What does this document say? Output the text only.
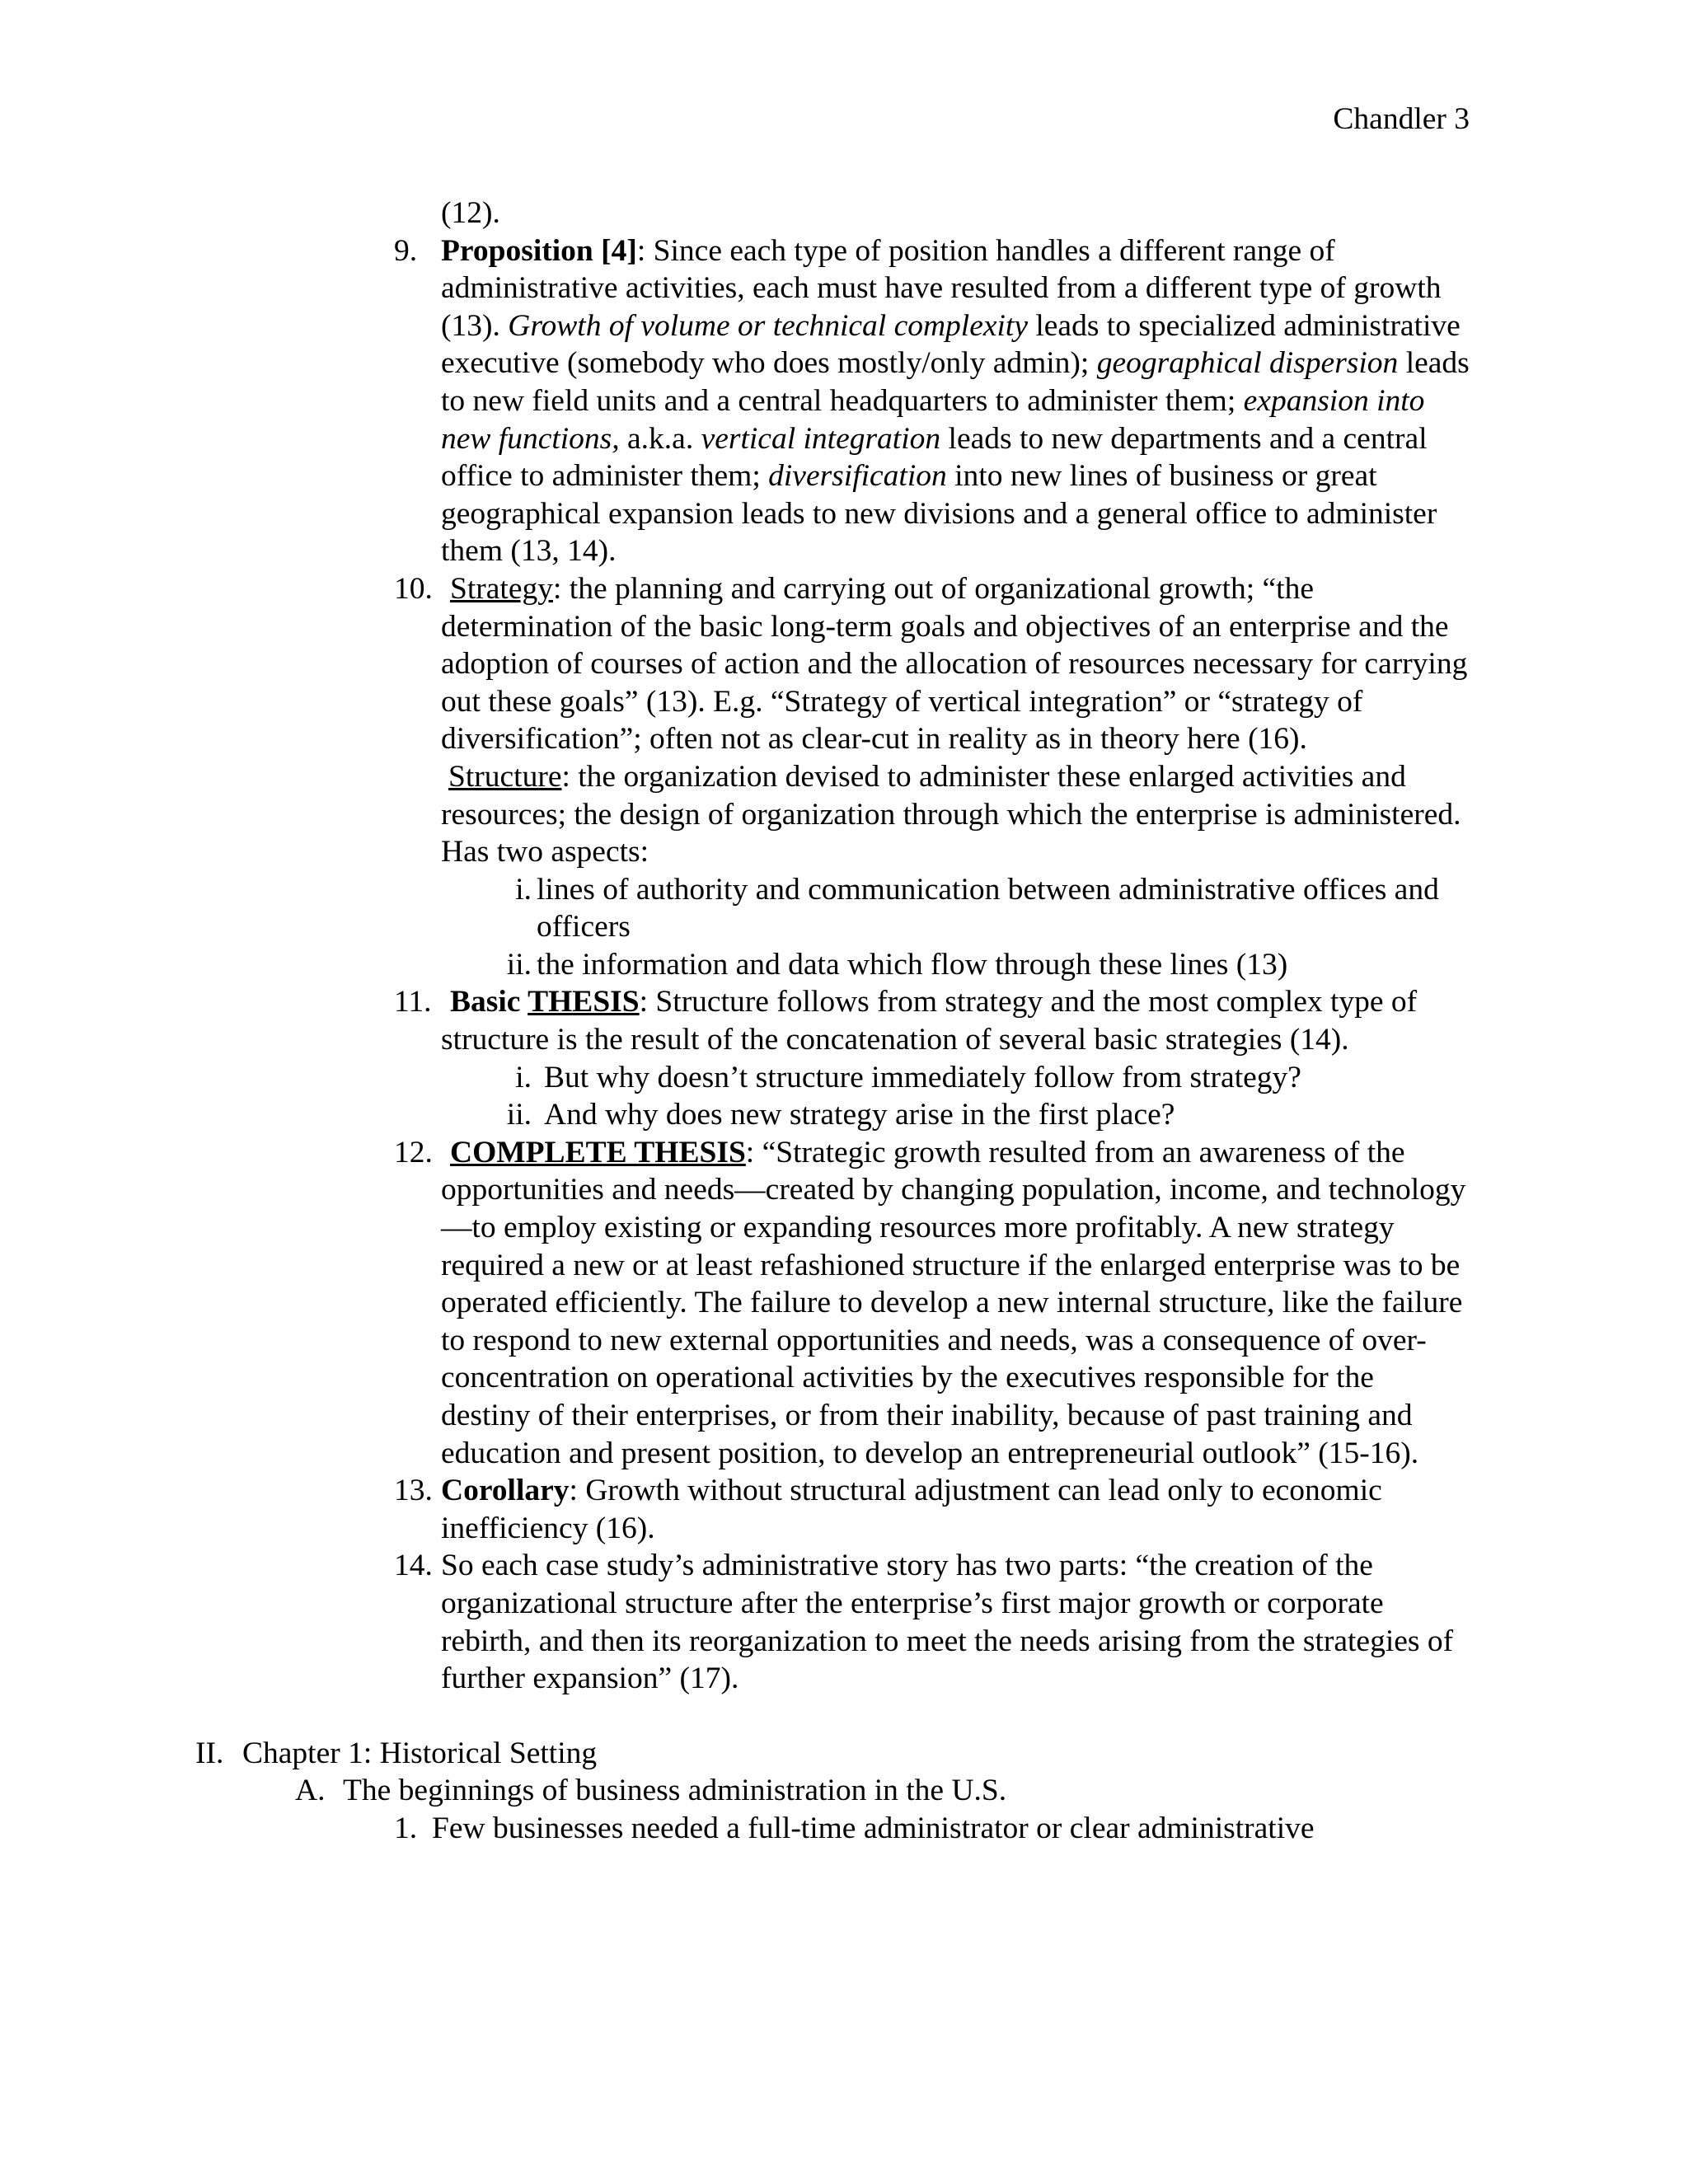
Chandler 3
(12).
9. Proposition [4]: Since each type of position handles a different range of administrative activities, each must have resulted from a different type of growth (13). Growth of volume or technical complexity leads to specialized administrative executive (somebody who does mostly/only admin); geographical dispersion leads to new field units and a central headquarters to administer them; expansion into new functions, a.k.a. vertical integration leads to new departments and a central office to administer them; diversification into new lines of business or great geographical expansion leads to new divisions and a general office to administer them (13, 14).
10. Strategy: the planning and carrying out of organizational growth; “the determination of the basic long-term goals and objectives of an enterprise and the adoption of courses of action and the allocation of resources necessary for carrying out these goals” (13). E.g. “Strategy of vertical integration” or “strategy of diversification”; often not as clear-cut in reality as in theory here (16).
Structure: the organization devised to administer these enlarged activities and resources; the design of organization through which the enterprise is administered. Has two aspects:
i. lines of authority and communication between administrative offices and officers
ii. the information and data which flow through these lines (13)
11. Basic THESIS: Structure follows from strategy and the most complex type of structure is the result of the concatenation of several basic strategies (14).
i. But why doesn’t structure immediately follow from strategy?
ii. And why does new strategy arise in the first place?
12. COMPLETE THESIS: “Strategic growth resulted from an awareness of the opportunities and needs—created by changing population, income, and technology—to employ existing or expanding resources more profitably. A new strategy required a new or at least refashioned structure if the enlarged enterprise was to be operated efficiently. The failure to develop a new internal structure, like the failure to respond to new external opportunities and needs, was a consequence of over-concentration on operational activities by the executives responsible for the destiny of their enterprises, or from their inability, because of past training and education and present position, to develop an entrepreneurial outlook” (15-16).
13. Corollary: Growth without structural adjustment can lead only to economic inefficiency (16).
14. So each case study’s administrative story has two parts: “the creation of the organizational structure after the enterprise’s first major growth or corporate rebirth, and then its reorganization to meet the needs arising from the strategies of further expansion” (17).
II. Chapter 1: Historical Setting
A. The beginnings of business administration in the U.S.
1. Few businesses needed a full-time administrator or clear administrative
